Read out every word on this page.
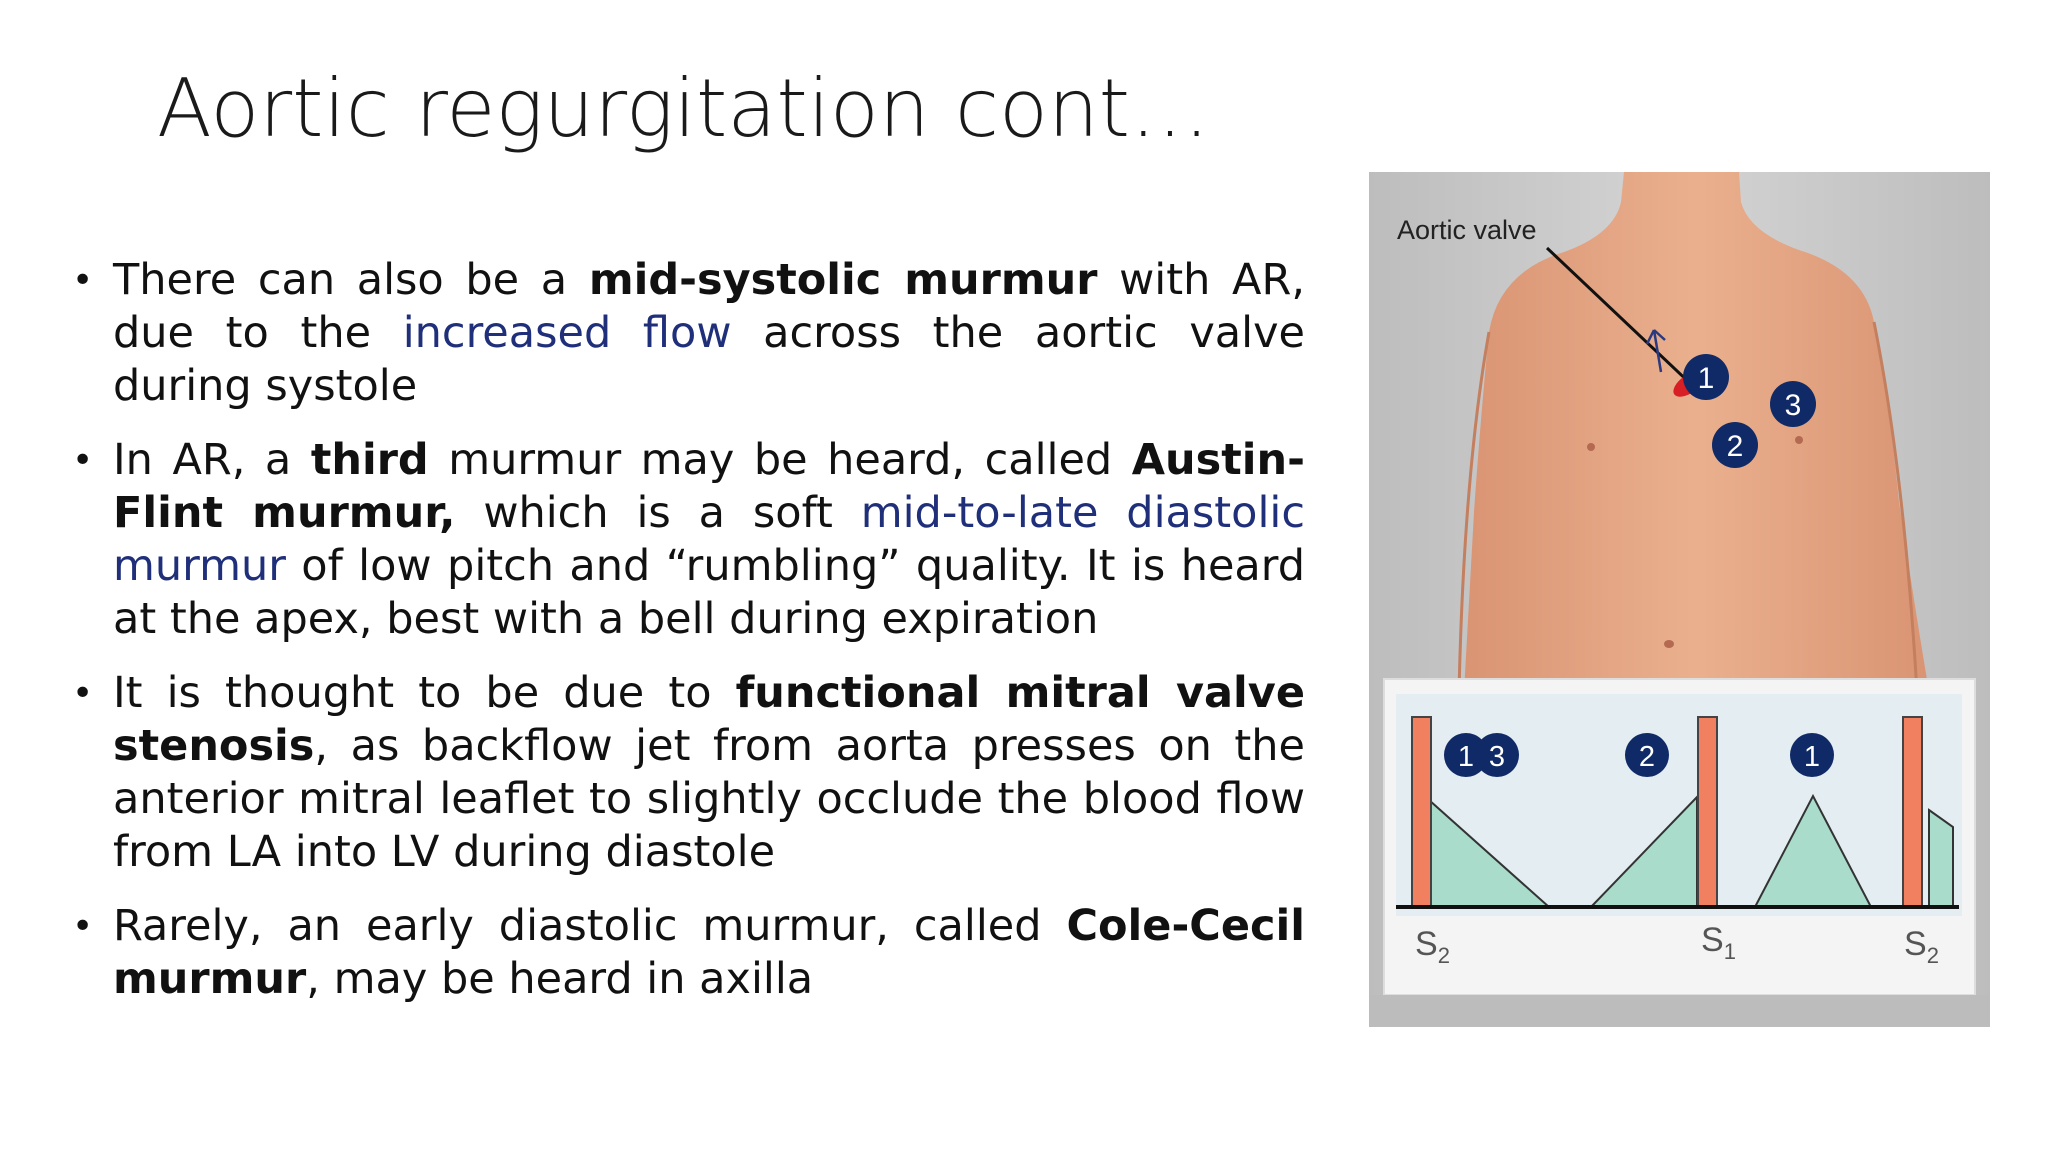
Aortic regurgitation cont…
• There can also be a mid-systolic murmur with AR, due to the increased flow across the aortic valve during systole
• In AR, a third murmur may be heard, called Austin-Flint murmur, which is a soft mid-to-late diastolic murmur of low pitch and “rumbling” quality. It is heard at the apex, best with a bell during expiration
• It is thought to be due to functional mitral valve stenosis, as backflow jet from aorta presses on the anterior mitral leaflet to slightly occlude the blood flow from LA into LV during diastole
• Rarely, an early diastolic murmur, called Cole-Cecil murmur, may be heard in axilla
Aortic valve
1
2
3
1 3	2	1
$S_2$	$S_1$	$S_2$
